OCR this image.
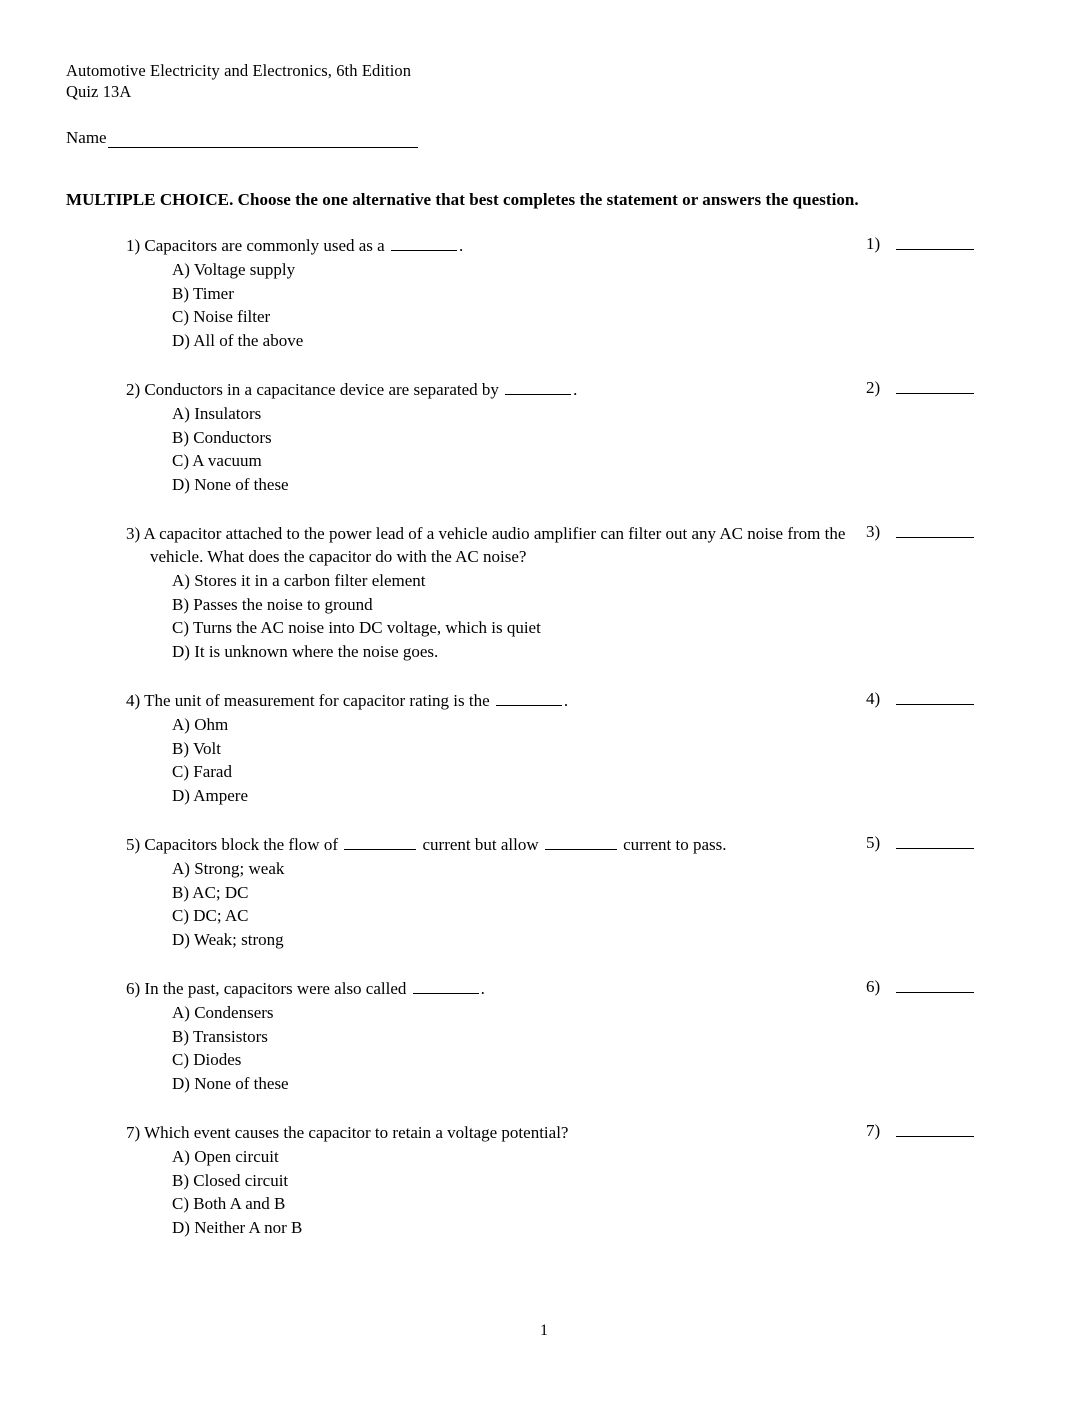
Automotive Electricity and Electronics, 6th Edition
Quiz 13A
Name
MULTIPLE CHOICE. Choose the one alternative that best completes the statement or answers the question.
1) Capacitors are commonly used as a	.
A) Voltage supply
B) Timer
C) Noise filter
D) All of the above
1)
2) Conductors in a capacitance device are separated by	.
A) Insulators
B) Conductors
C) A vacuum
D) None of these
2)
3) A capacitor attached to the power lead of a vehicle audio amplifier can filter out any AC noise from the vehicle. What does the capacitor do with the AC noise?
A) Stores it in a carbon filter element
B) Passes the noise to ground
C) Turns the AC noise into DC voltage, which is quiet
D) It is unknown where the noise goes.
3)
4) The unit of measurement for capacitor rating is the	.
A) Ohm
B) Volt
C) Farad
D) Ampere
4)
5) Capacitors block the flow of	current but allow	current to pass.
A) Strong; weak
B) AC; DC
C) DC; AC
D) Weak; strong
5)
6) In the past, capacitors were also called	.
A) Condensers
B) Transistors
C) Diodes
D) None of these
6)
7) Which event causes the capacitor to retain a voltage potential?
A) Open circuit
B) Closed circuit
C) Both A and B
D) Neither A nor B
7)
1
